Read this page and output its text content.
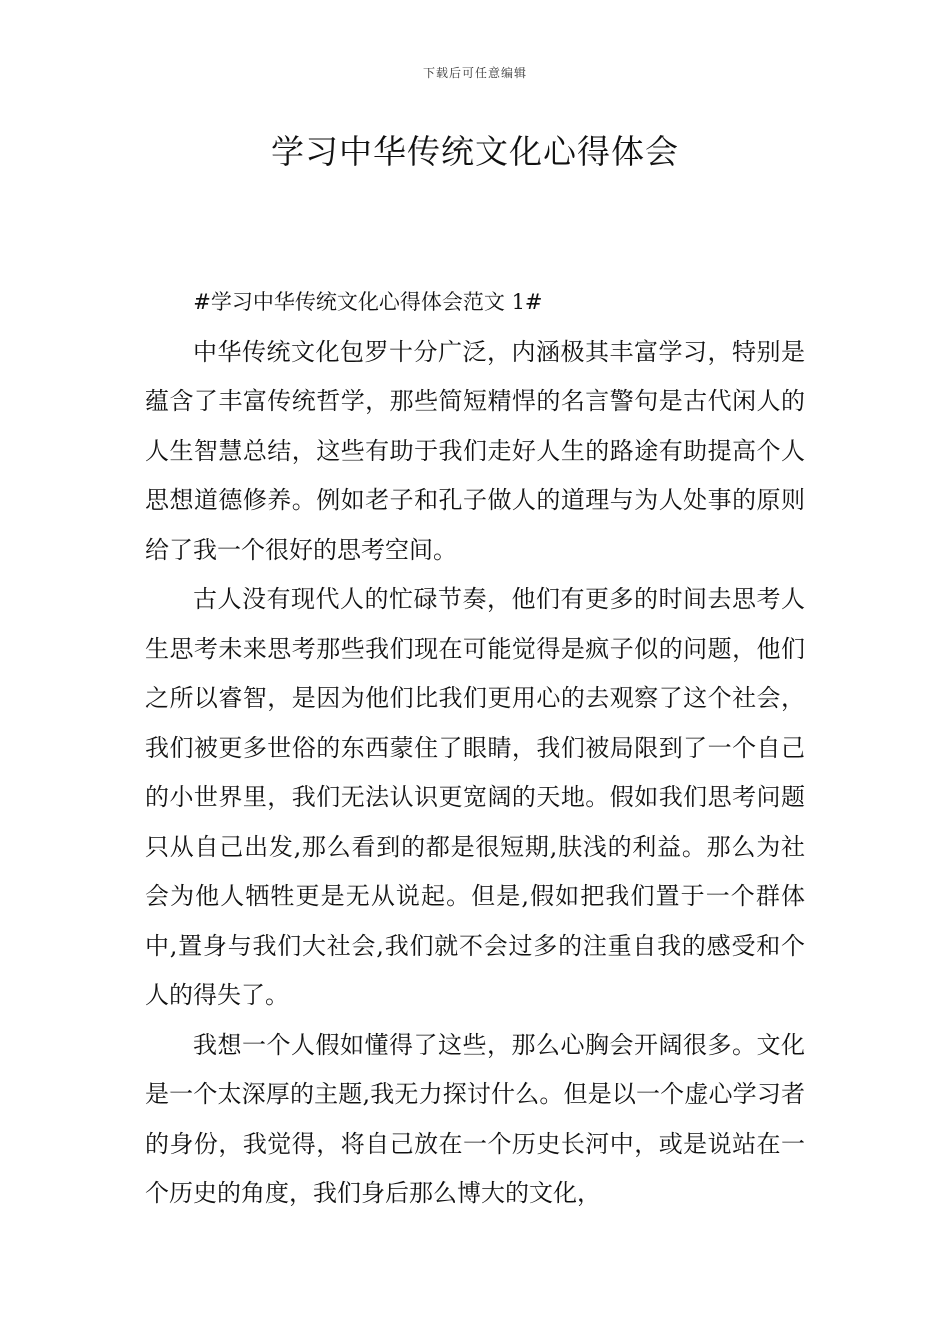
下载后可任意编辑
学习中华传统文化心得体会
#学习中华传统文化心得体会范文 1#

中华传统文化包罗十分广泛，内涵极其丰富学习，特别是蕴含了丰富传统哲学，那些简短精悍的名言警句是古代闲人的人生智慧总结，这些有助于我们走好人生的路途有助提高个人思想道德修养。例如老子和孔子做人的道理与为人处事的原则给了我一个很好的思考空间。

古人没有现代人的忙碌节奏，他们有更多的时间去思考人生思考未来思考那些我们现在可能觉得是疯子似的问题，他们之所以睿智，是因为他们比我们更用心的去观察了这个社会，我们被更多世俗的东西蒙住了眼睛，我们被局限到了一个自己的小世界里，我们无法认识更宽阔的天地。假如我们思考问题只从自己出发,那么看到的都是很短期,肤浅的利益。那么为社会为他人牺牲更是无从说起。但是,假如把我们置于一个群体中,置身与我们大社会,我们就不会过多的注重自我的感受和个人的得失了。

我想一个人假如懂得了这些，那么心胸会开阔很多。文化是一个太深厚的主题,我无力探讨什么。但是以一个虚心学习者的身份，我觉得，将自己放在一个历史长河中，或是说站在一个历史的角度，我们身后那么博大的文化，
